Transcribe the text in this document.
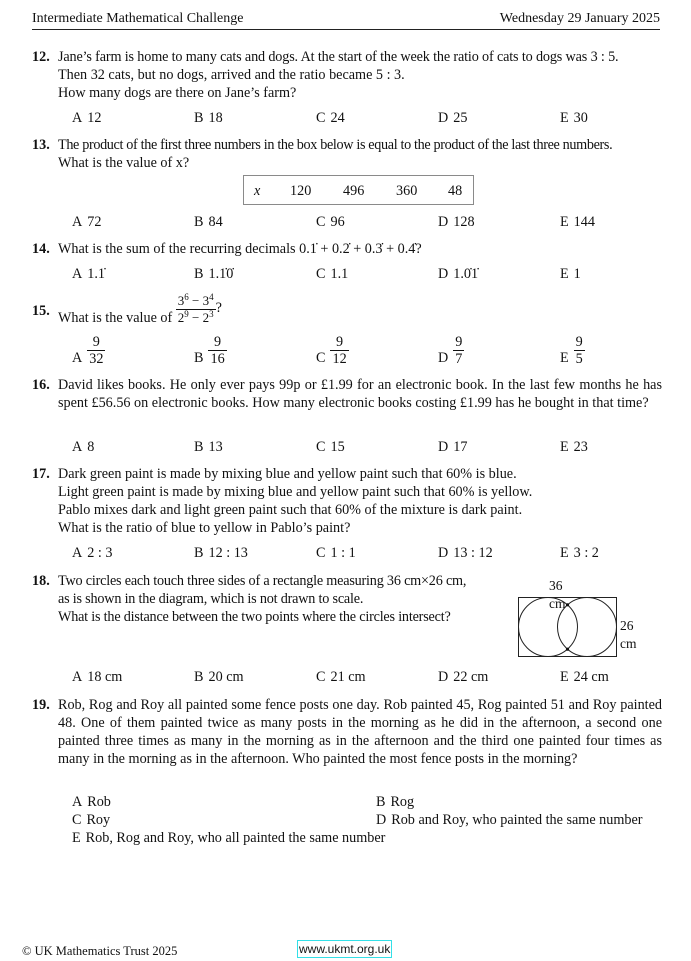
Intermediate Mathematical Challenge	Wednesday 29 January 2025
12. Jane’s farm is home to many cats and dogs. At the start of the week the ratio of cats to dogs was 3 : 5.

Then 32 cats, but no dogs, arrived and the ratio became 5 : 3.

How many dogs are there on Jane’s farm?

A 12	B 18	C 24	D 25	E 30
13. The product of the first three numbers in the box below is equal to the product of the last three numbers.

What is the value of x?

x 120 496 360 48
A 72	B 84	C 96	D 128	E 144
14. What is the sum of the recurring decimals 0.1̇ + 0.2̇ + 0.3̇ + 0.4̇?
A 1.1̇	B 1.1̇0̇	C 1.1	D 1.0̇1̇	E 1
15. What is the value of $\frac{3^6 - 3^4}{2^9 - 2^3}$ ?
A $\frac{9}{32}$	B $\frac{9}{16}$	C $\frac{9}{12}$	D $\frac{9}{7}$	E $\frac{9}{5}$
16. David likes books. He only ever pays 99p or £1.99 for an electronic book. In the last few months he has spent £56.56 on electronic books. How many electronic books costing £1.99 has he bought in that time?

A 8	B 13	C 15	D 17	E 23
17. Dark green paint is made by mixing blue and yellow paint such that 60% is blue.

Light green paint is made by mixing blue and yellow paint such that 60% is yellow.

Pablo mixes dark and light green paint such that 60% of the mixture is dark paint.

What is the ratio of blue to yellow in Pablo’s paint?

A 2 : 3	B 12 : 13	C 1 : 1	D 13 : 12	E 3 : 2
18. Two circles each touch three sides of a rectangle measuring 36 cm×26 cm,

as is shown in the diagram, which is not drawn to scale.

What is the distance between the two points where the circles intersect?

36 cm
26 cm
A 18 cm	B 20 cm	C 21 cm	D 22 cm	E 24 cm
19. Rob, Rog and Roy all painted some fence posts one day. Rob painted 45, Rog painted 51 and Roy painted 48. One of them painted twice as many posts in the morning as he did in the afternoon, a second one painted three times as many in the morning as in the afternoon and the third one painted four times as many in the morning as in the afternoon. Who painted the most fence posts in the morning?

A Rob	B Rog
C Roy	D Rob and Roy, who painted the same number
E Rob, Rog and Roy, who all painted the same number
© UK Mathematics Trust 2025	www.ukmt.org.uk
